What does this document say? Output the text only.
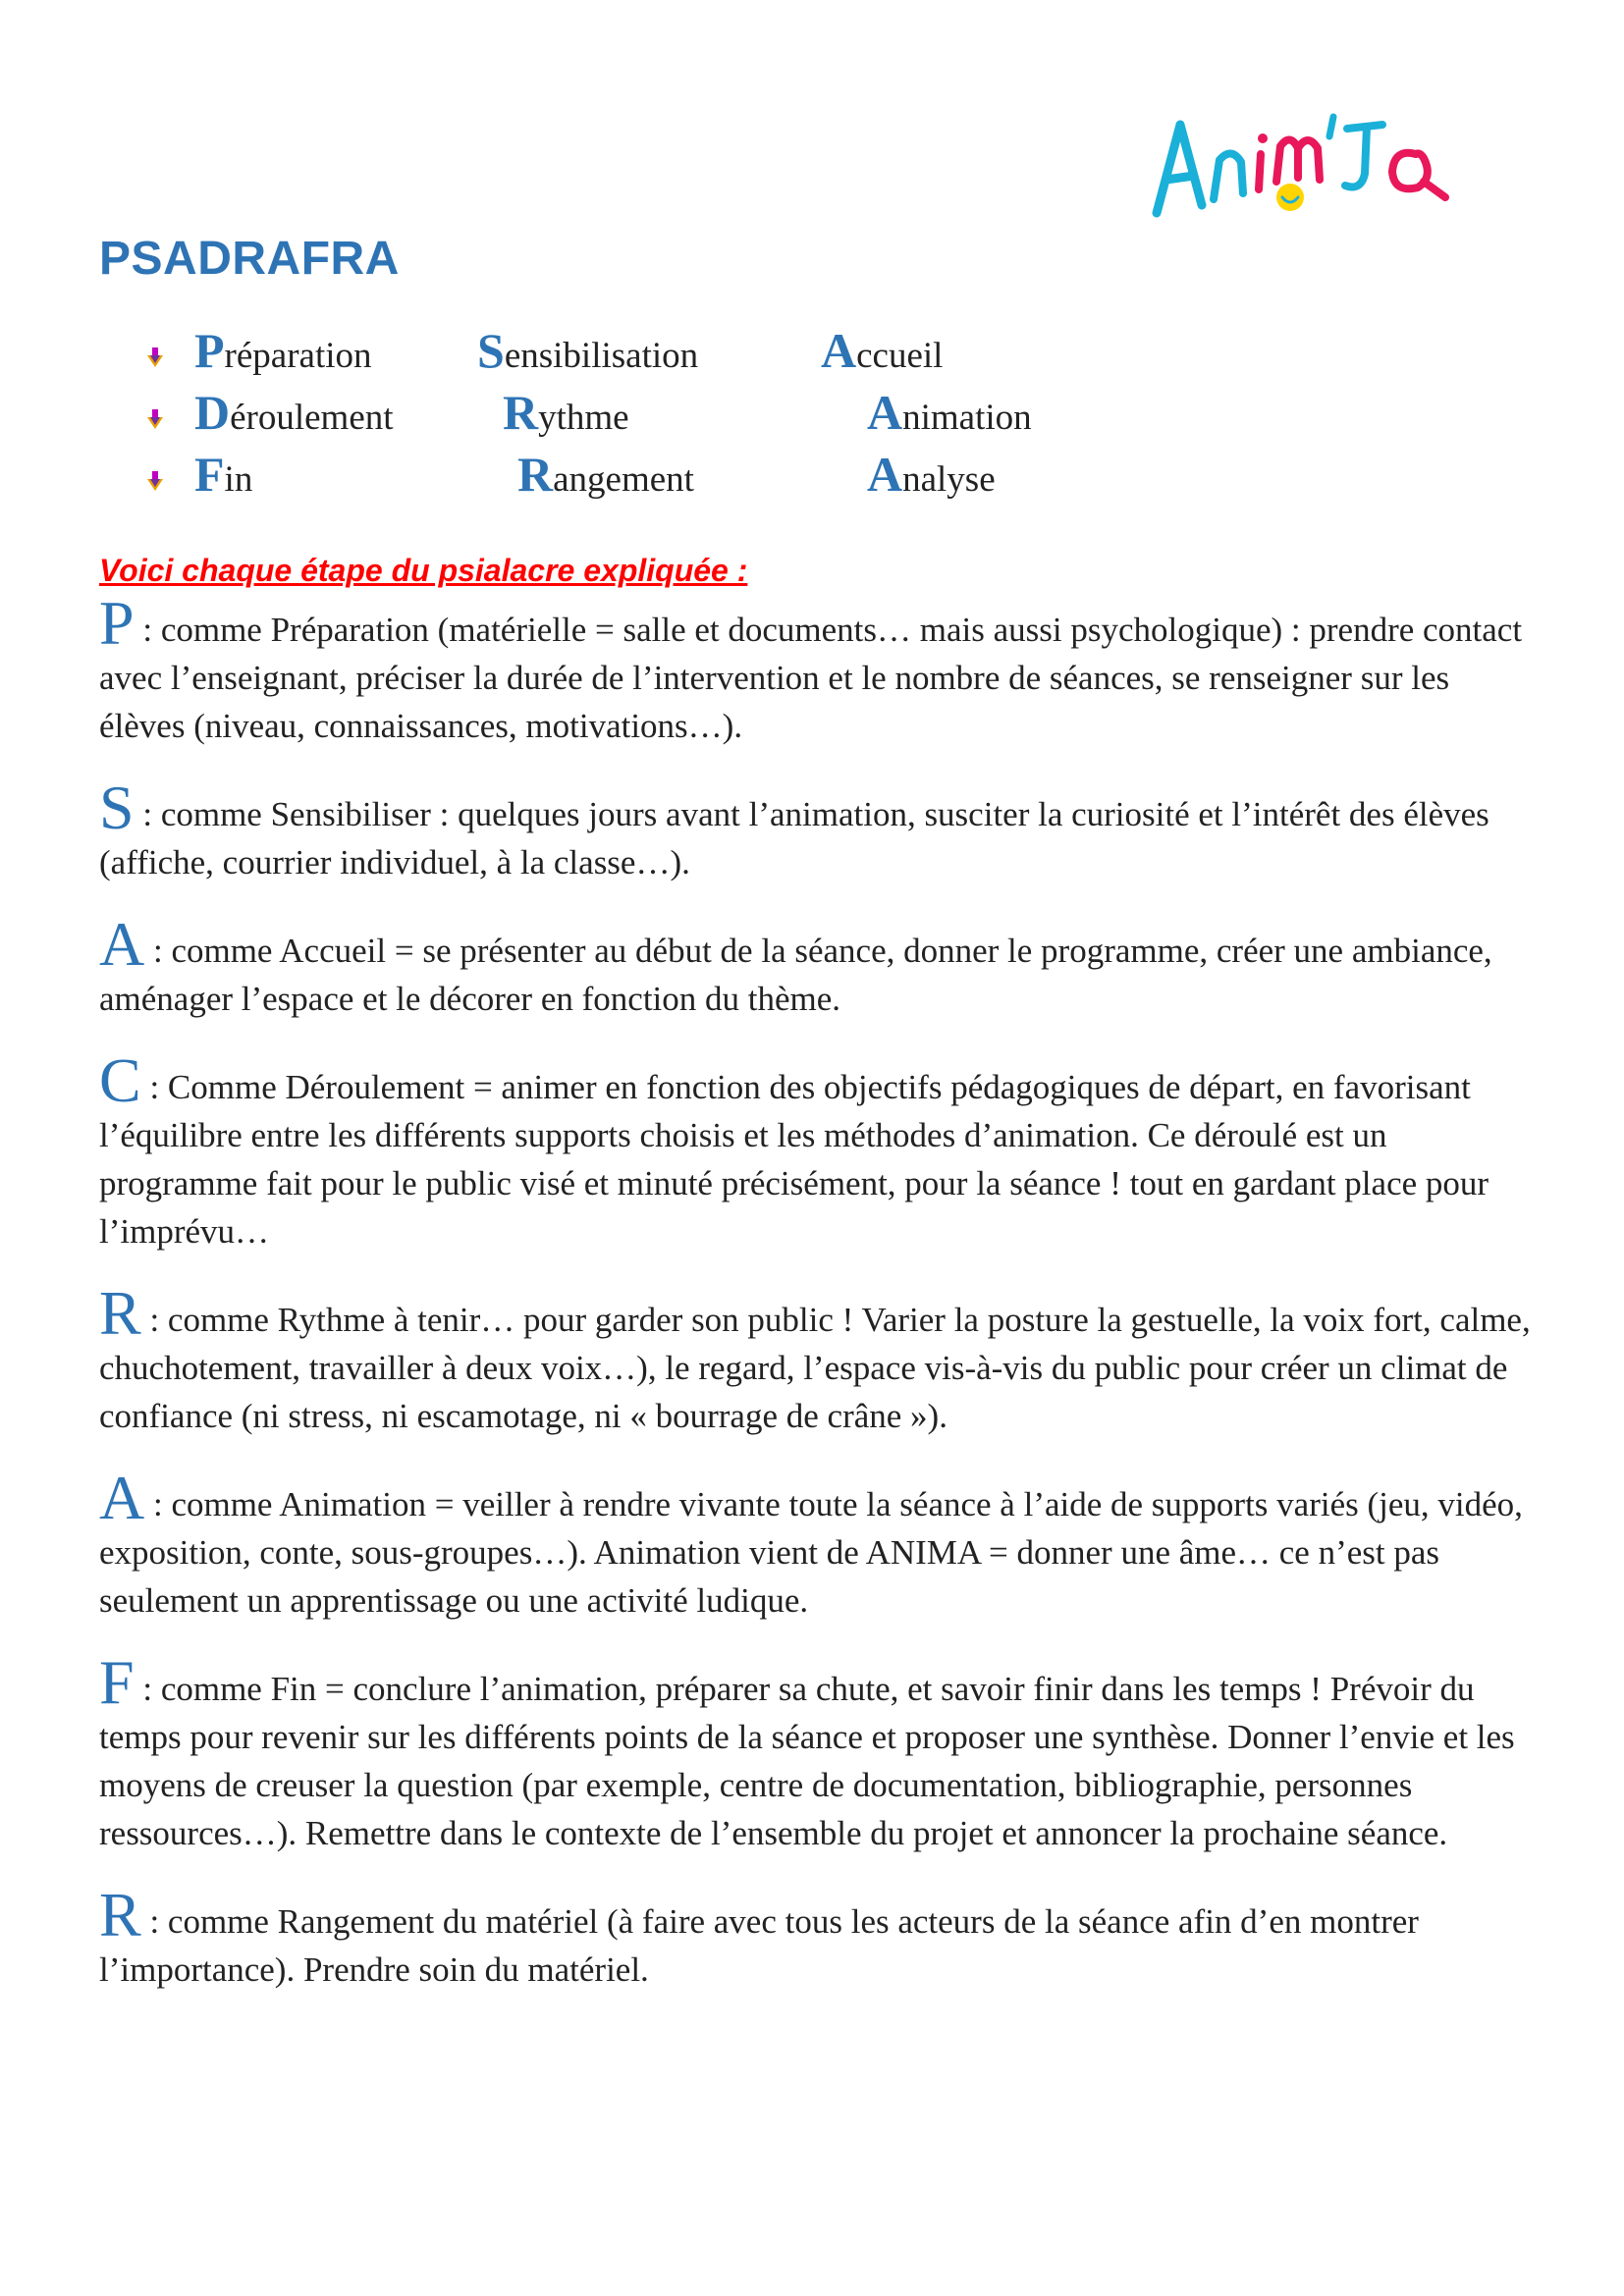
PSADRAFRA
Préparation Sensibilisation Accueil
Déroulement Rythme	Animation
Fin	Rangement	Analyse

Voici chaque étape du psialacre expliquée :

P : comme Préparation (matérielle = salle et documents… mais aussi psychologique) : prendre contact avec l’enseignant, préciser la durée de l’intervention et le nombre de séances, se renseigner sur les élèves (niveau, connaissances, motivations…).

S : comme Sensibiliser : quelques jours avant l’animation, susciter la curiosité et l’intérêt des élèves (affiche, courrier individuel, à la classe…).

A : comme Accueil = se présenter au début de la séance, donner le programme, créer une ambiance, aménager l’espace et le décorer en fonction du thème.

C : Comme Déroulement = animer en fonction des objectifs pédagogiques de départ, en favorisant l’équilibre entre les différents supports choisis et les méthodes d’animation. Ce déroulé est un programme fait pour le public visé et minuté précisément, pour la séance ! tout en gardant place pour l’imprévu…

R : comme Rythme à tenir… pour garder son public ! Varier la posture la gestuelle, la voix fort, calme, chuchotement, travailler à deux voix…), le regard, l’espace vis-à-vis du public pour créer un climat de confiance (ni stress, ni escamotage, ni « bourrage de crâne »).

A : comme Animation = veiller à rendre vivante toute la séance à l’aide de supports variés (jeu, vidéo, exposition, conte, sous-groupes…). Animation vient de ANIMA = donner une âme… ce n’est pas seulement un apprentissage ou une activité ludique.

F : comme Fin = conclure l’animation, préparer sa chute, et savoir finir dans les temps ! Prévoir du temps pour revenir sur les différents points de la séance et proposer une synthèse. Donner l’envie et les moyens de creuser la question (par exemple, centre de documentation, bibliographie, personnes ressources…). Remettre dans le contexte de l’ensemble du projet et annoncer la prochaine séance.

R : comme Rangement du matériel (à faire avec tous les acteurs de la séance afin d’en montrer l’importance). Prendre soin du matériel.
